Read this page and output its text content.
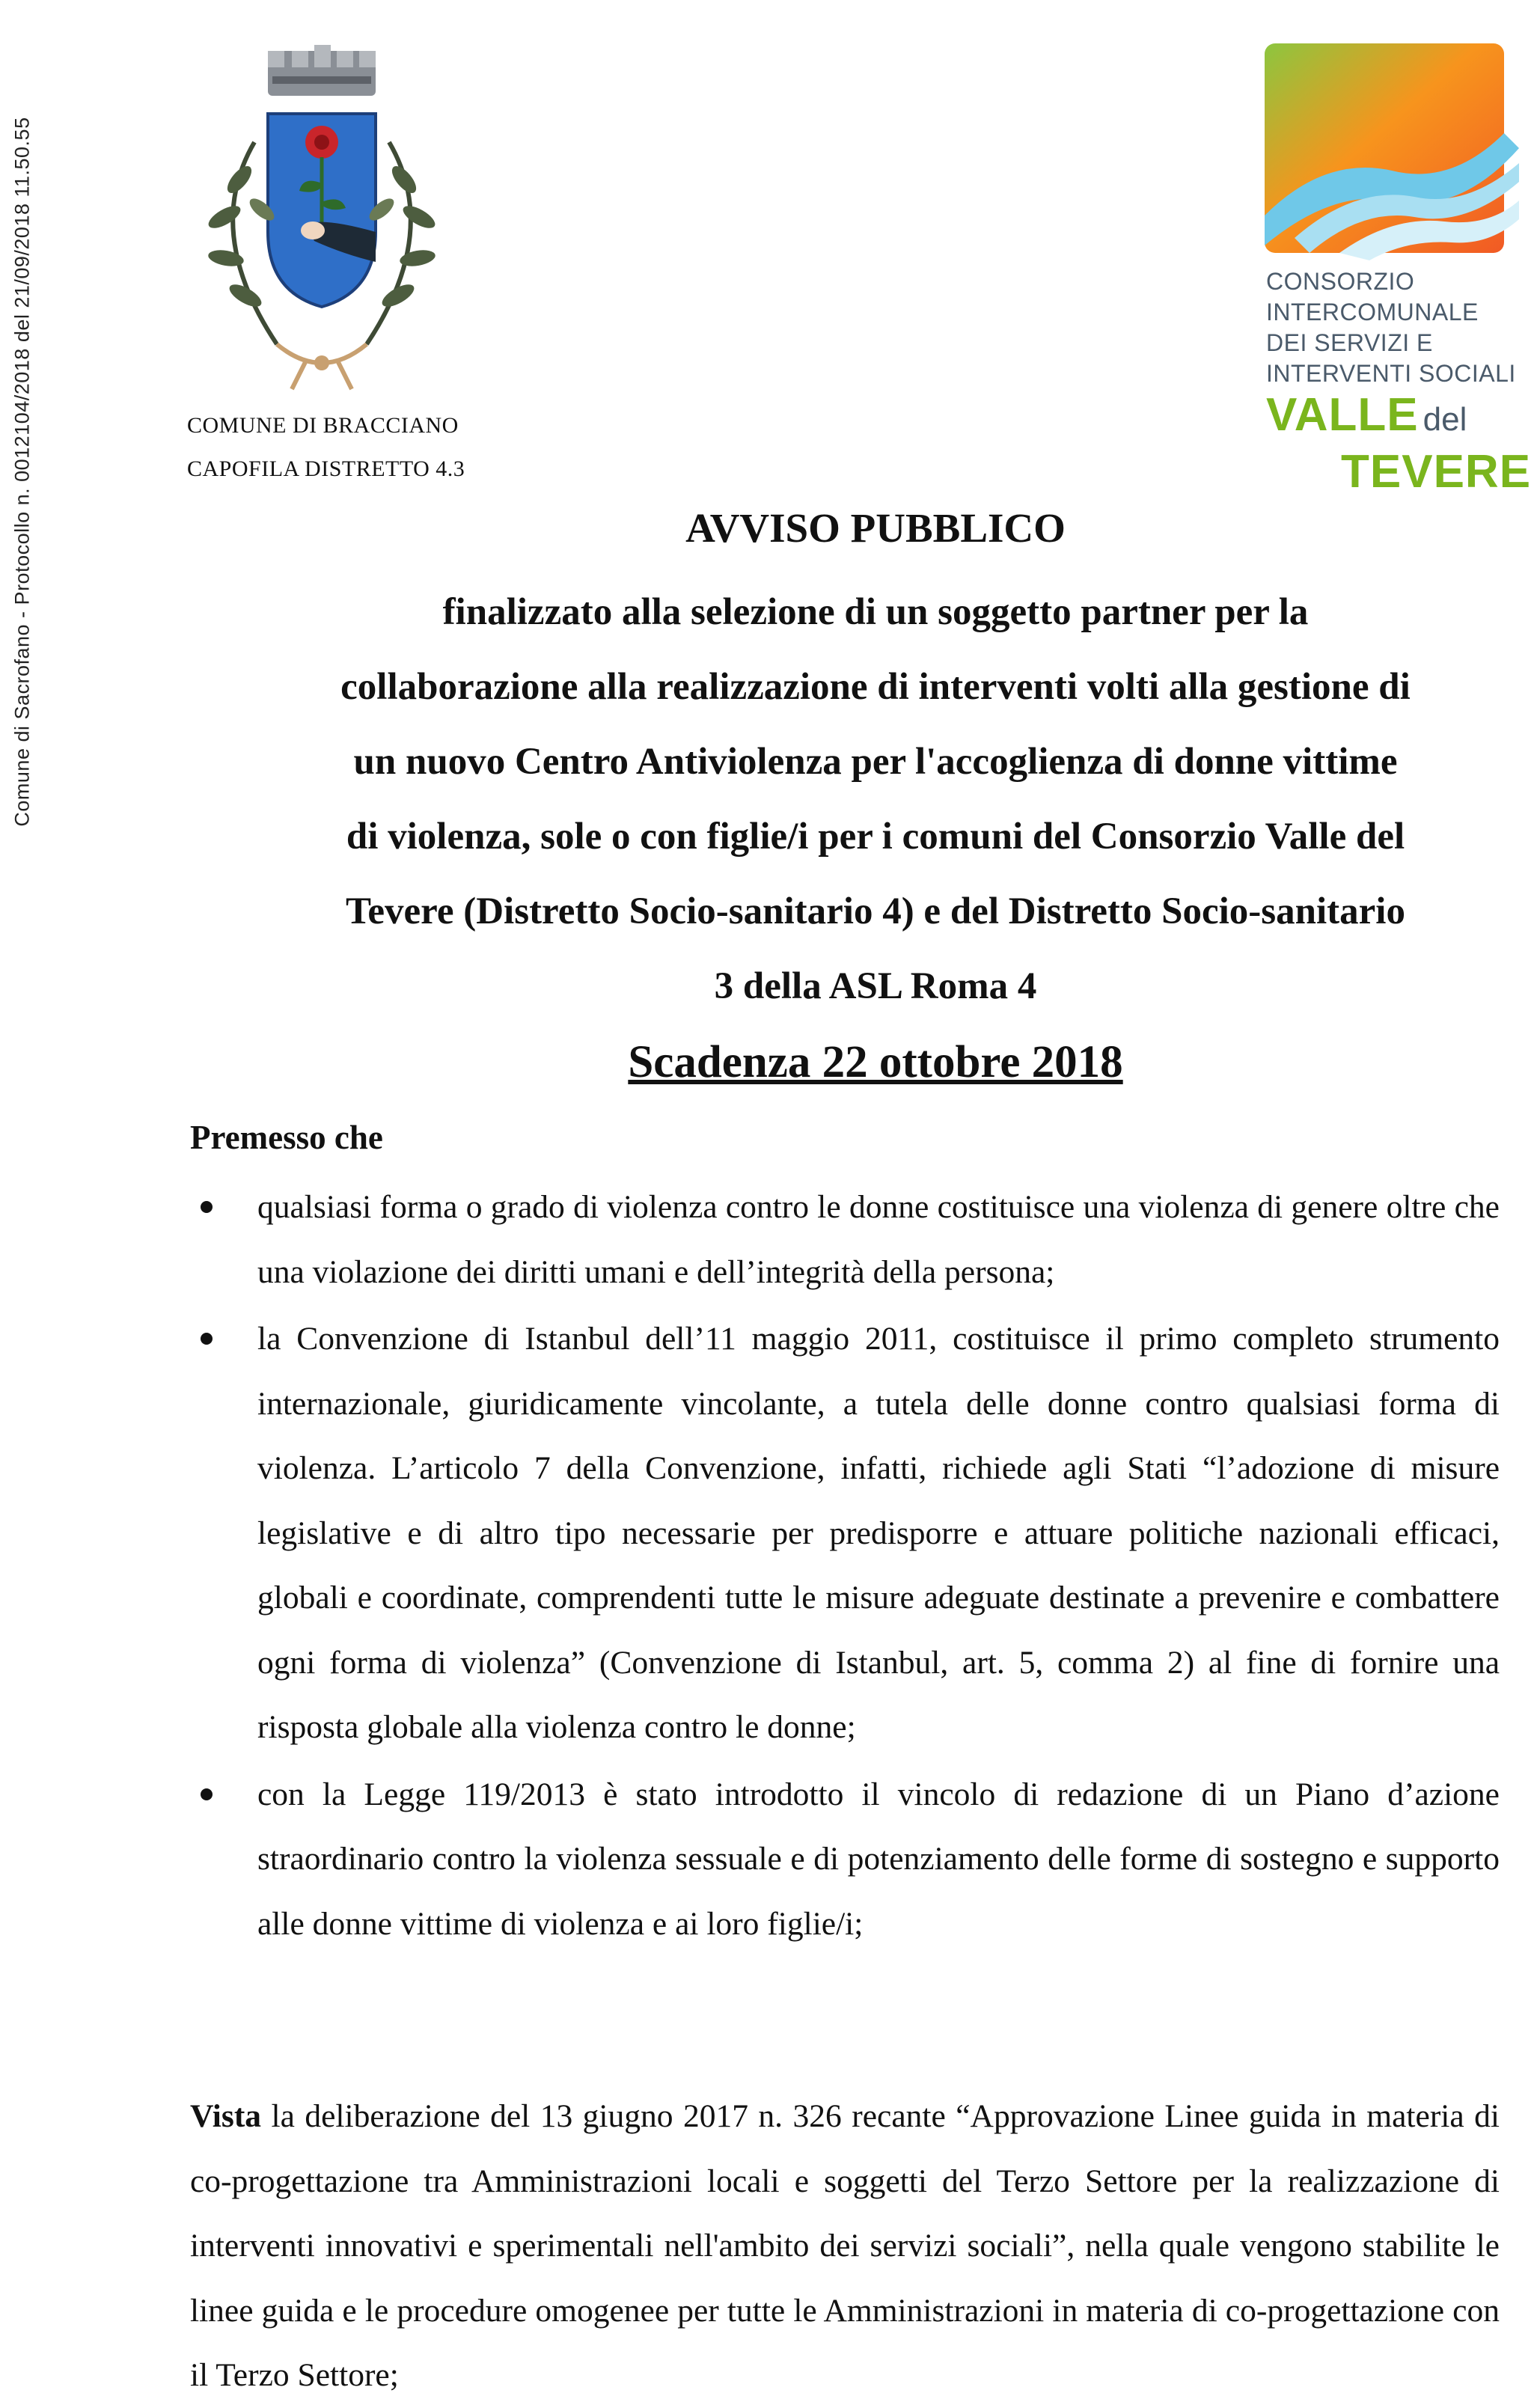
Comune di Sacrofano - Protocollo n. 0012104/2018 del 21/09/2018 11.50.55	COMUNE DI BRACCIANO
CAPOFILA DISTRETTO 4.3
CONSORZIO
INTERCOMUNALE
DEI SERVIZI E
INTERVENTI SOCIALI
VALLE del
TEVERE
AVVISO PUBBLICO
finalizzato alla selezione di un soggetto partner per la
collaborazione alla realizzazione di interventi volti alla gestione di
un nuovo Centro Antiviolenza per l'accoglienza di donne vittime
di violenza, sole o con figlie/i per i comuni del Consorzio Valle del
Tevere (Distretto Socio-sanitario 4) e del Distretto Socio-sanitario
3 della ASL Roma 4
Scadenza 22 ottobre 2018
Premesso che
qualsiasi forma o grado di violenza contro le donne costituisce una violenza di genere oltre che una violazione dei diritti umani e dell’integrità della persona;
la Convenzione di Istanbul dell’11 maggio 2011, costituisce il primo completo strumento internazionale, giuridicamente vincolante, a tutela delle donne contro qualsiasi forma di violenza. L’articolo 7 della Convenzione, infatti, richiede agli Stati “l’adozione di misure legislative e di altro tipo necessarie per predisporre e attuare politiche nazionali efficaci, globali e coordinate, comprendenti tutte le misure adeguate destinate a prevenire e combattere ogni forma di violenza” (Convenzione di Istanbul, art. 5, comma 2) al fine di fornire una risposta globale alla violenza contro le donne;
con la Legge 119/2013 è stato introdotto il vincolo di redazione di un Piano d’azione straordinario contro la violenza sessuale e di potenziamento delle forme di sostegno e supporto alle donne vittime di violenza e ai loro figlie/i;

Vista la deliberazione del 13 giugno 2017 n. 326 recante “Approvazione Linee guida in materia di co-progettazione tra Amministrazioni locali e soggetti del Terzo Settore per la realizzazione di interventi innovativi e sperimentali nell'ambito dei servizi sociali”, nella quale vengono stabilite le linee guida e le procedure omogenee per tutte le Amministrazioni in materia di co-progettazione con il Terzo Settore;
